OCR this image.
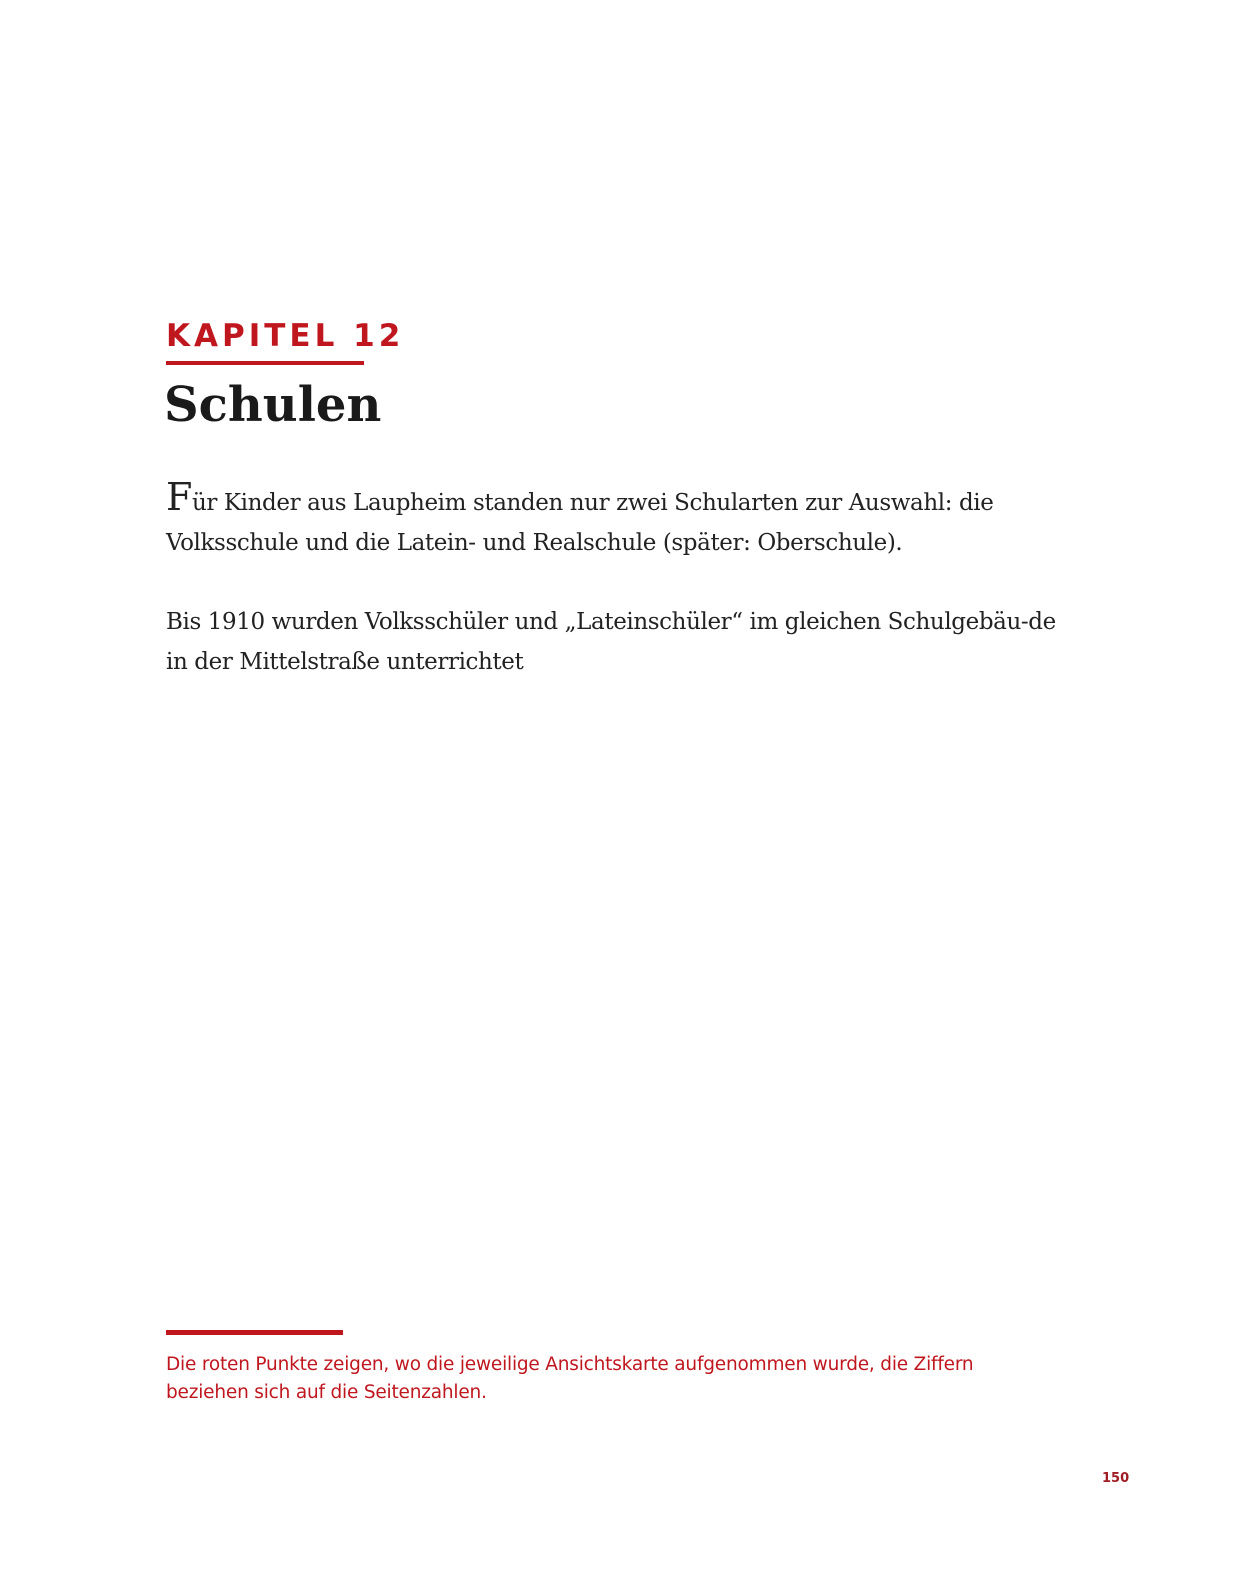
KAPITEL 12
Schulen

Für Kinder aus Laupheim standen nur zwei Schularten zur Auswahl: die Volksschule und die Latein- und Realschule (später: Oberschule).

Bis 1910 wurden Volksschüler und „Lateinschüler“ im gleichen Schulgebäu-de in der Mittelstraße unterrichtet

Die roten Punkte zeigen, wo die jeweilige Ansichtskarte aufgenommen wurde, die Ziffern beziehen sich auf die Seitenzahlen.

150
